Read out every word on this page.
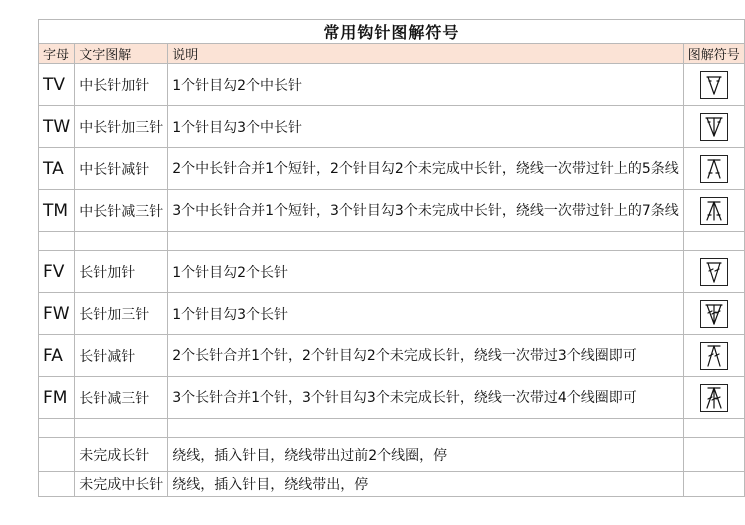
常用钩针图解符号			
字母	文字图解	说明	图解符号
TV	中长针加针	1个针目勾2个中长针	

TW	中长针加三针	1个针目勾3个中长针	

TA	中长针减针	2个中长针合并1个短针，2个针目勾2个未完成中长针，绕线一次带过针上的5条线	

TM	中长针减三针	3个中长针合并1个短针，3个针目勾3个未完成中长针，绕线一次带过针上的7条线	

FV	长针加针	1个针目勾2个长针	

FW	长针加三针	1个针目勾3个长针	

FA	长针减针	2个长针合并1个针，2个针目勾2个未完成长针，绕线一次带过3个线圈即可	

FM	长针减三针	3个长针合并1个针，3个针目勾3个未完成长针，绕线一次带过4个线圈即可	

	未完成长针	绕线，插入针目，绕线带出过前2个线圈，停	
	未完成中长针	绕线，插入针目，绕线带出，停	
